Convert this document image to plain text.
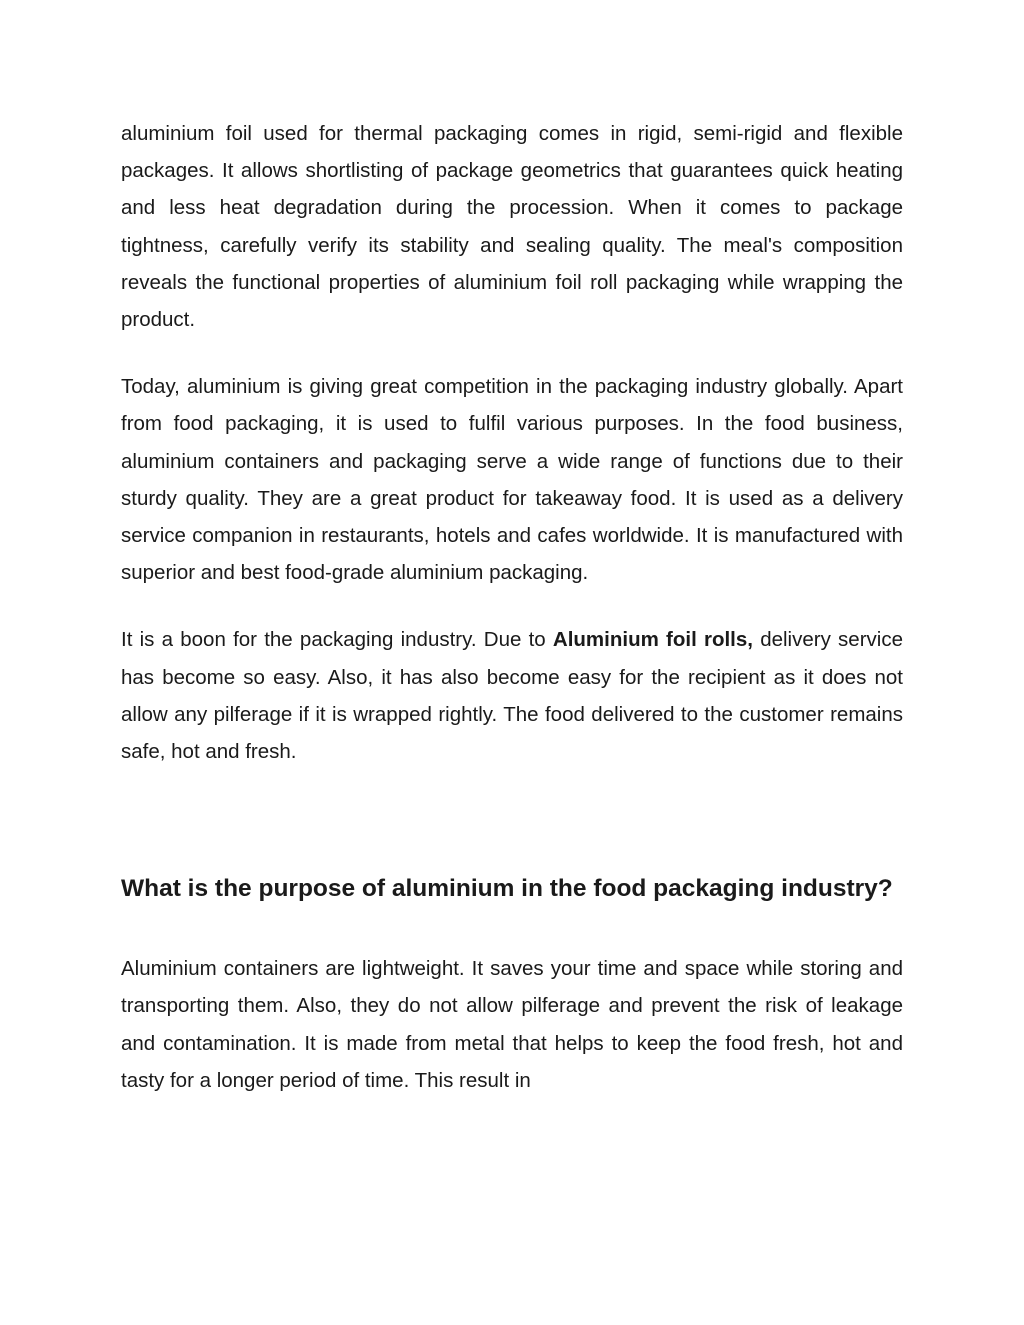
aluminium foil used for thermal packaging comes in rigid, semi-rigid and flexible packages. It allows shortlisting of package geometrics that guarantees quick heating and less heat degradation during the procession. When it comes to package tightness, carefully verify its stability and sealing quality. The meal's composition reveals the functional properties of aluminium foil roll packaging while wrapping the product.

Today, aluminium is giving great competition in the packaging industry globally. Apart from food packaging, it is used to fulfil various purposes. In the food business, aluminium containers and packaging serve a wide range of functions due to their sturdy quality. They are a great product for takeaway food. It is used as a delivery service companion in restaurants, hotels and cafes worldwide. It is manufactured with superior and best food-grade aluminium packaging.

It is a boon for the packaging industry. Due to Aluminium foil rolls, delivery service has become so easy. Also, it has also become easy for the recipient as it does not allow any pilferage if it is wrapped rightly. The food delivered to the customer remains safe, hot and fresh.

What is the purpose of aluminium in the food packaging industry?

Aluminium containers are lightweight. It saves your time and space while storing and transporting them. Also, they do not allow pilferage and prevent the risk of leakage and contamination. It is made from metal that helps to keep the food fresh, hot and tasty for a longer period of time. This result in
